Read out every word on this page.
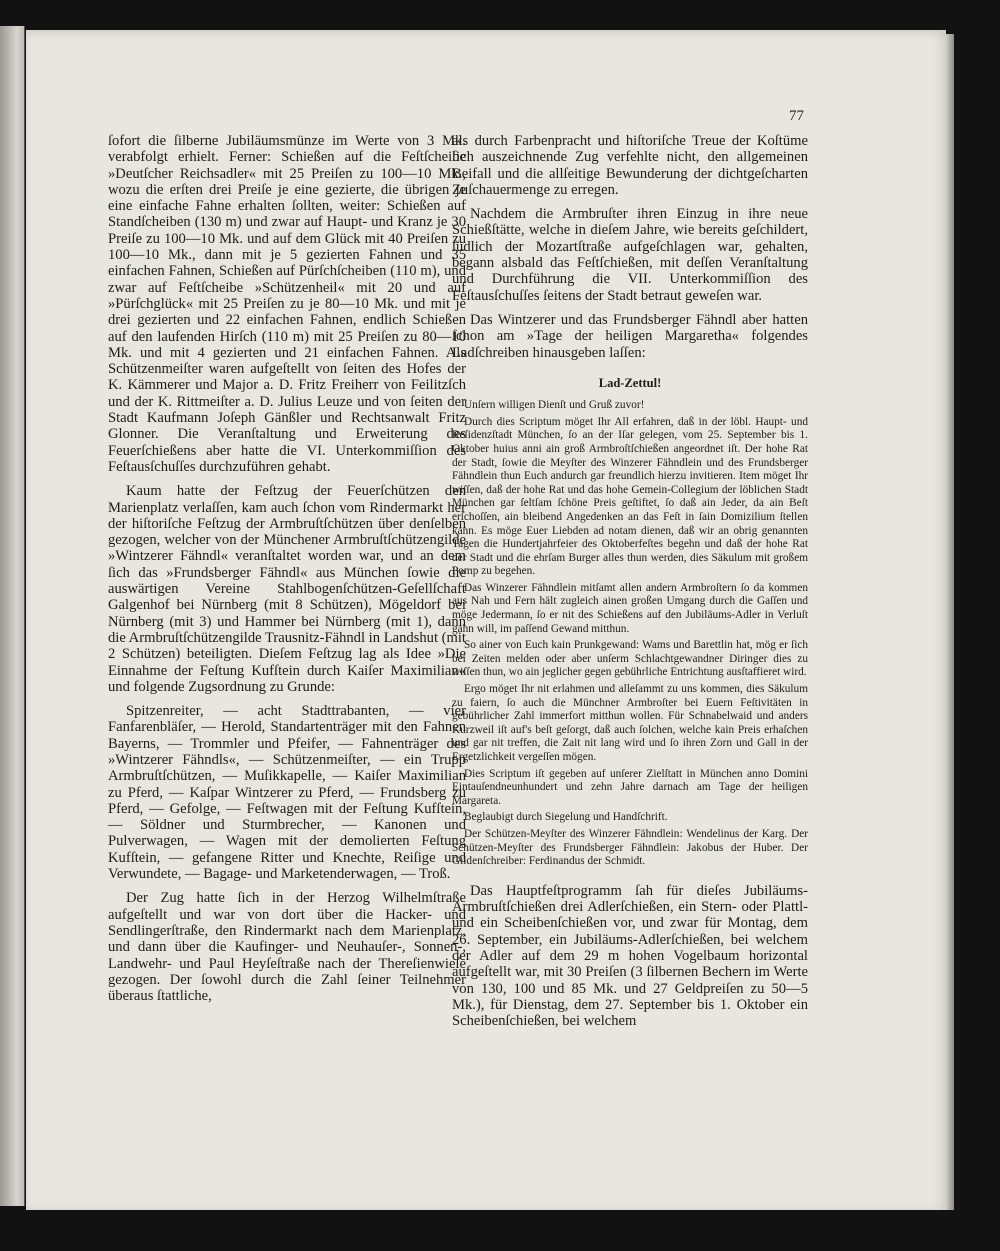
77

ſofort die ſilberne Jubiläumsmünze im Werte von 3 Mk. verabfolgt erhielt. Ferner: Schießen auf die Feſtſcheibe »Deutſcher Reichsadler« mit 25 Preiſen zu 100—10 Mk., wozu die erſten drei Preiſe je eine gezierte, die übrigen je eine einfache Fahne erhalten ſollten, weiter: Schießen auf Standſcheiben (130 m) und zwar auf Haupt- und Kranz je 30 Preiſe zu 100—10 Mk. und auf dem Glück mit 40 Preiſen zu 100—10 Mk., dann mit je 5 gezierten Fahnen und 35 einfachen Fahnen, Schießen auf Pürſchſcheiben (110 m), und zwar auf Feſtſcheibe »Schützenheil« mit 20 und auf »Pürſchglück« mit 25 Preiſen zu je 80—10 Mk. und mit je drei gezierten und 22 einfachen Fahnen, endlich Schießen auf den laufenden Hirſch (110 m) mit 25 Preiſen zu 80—10 Mk. und mit 4 gezierten und 21 einfachen Fahnen. Als Schützenmeiſter waren aufgeſtellt von ſeiten des Hofes der K. Kämmerer und Major a. D. Fritz Freiherr von Feilitzſch und der K. Rittmeiſter a. D. Julius Leuze und von ſeiten der Stadt Kaufmann Joſeph Gänßler und Rechtsanwalt Fritz Glonner. Die Veranſtaltung und Erweiterung des Feuerſchießens aber hatte die VI. Unterkommiſſion des Feſtausſchuſſes durchzuführen gehabt.

Kaum hatte der Feſtzug der Feuerſchützen den Marienplatz verlaſſen, kam auch ſchon vom Rindermarkt her der hiſtoriſche Feſtzug der Armbruſtſchützen über denſelben gezogen, welcher von der Münchener Armbruſtſchützengilde »Wintzerer Fähndl« veranſtaltet worden war, und an dem ſich das »Frundsberger Fähndl« aus München ſowie die auswärtigen Vereine Stahlbogenſchützen-Geſellſchaft Galgenhof bei Nürnberg (mit 8 Schützen), Mögeldorf bei Nürnberg (mit 3) und Hammer bei Nürnberg (mit 1), dann die Armbruſtſchützengilde Trausnitz-Fähndl in Landshut (mit 2 Schützen) beteiligten. Dieſem Feſtzug lag als Idee »Die Einnahme der Feſtung Kufſtein durch Kaiſer Maximilian« und folgende Zugsordnung zu Grunde:

Spitzenreiter, — acht Stadttrabanten, — vier Fanfarenbläſer, — Herold, Standartenträger mit den Fahnen Bayerns, — Trommler und Pfeifer, — Fahnenträger des »Wintzerer Fähndls«, — Schützenmeiſter, — ein Trupp Armbruſtſchützen, — Muſikkapelle, — Kaiſer Maximilian zu Pferd, — Kaſpar Wintzerer zu Pferd, — Frundsberg zu Pferd, — Gefolge, — Feſtwagen mit der Feſtung Kufſtein, — Söldner und Sturmbrecher, — Kanonen und Pulverwagen, — Wagen mit der demolierten Feſtung Kufſtein, — gefangene Ritter und Knechte, Reiſige und Verwundete, — Bagage- und Marketenderwagen, — Troß.

Der Zug hatte ſich in der Herzog Wilhelmſtraße aufgeſtellt und war von dort über die Hacker- und Sendlingerſtraße, den Rindermarkt nach dem Marienplatz, und dann über die Kaufinger- und Neuhauſer-, Sonnen-, Landwehr- und Paul Heyſeſtraße nach der Thereſienwieſe gezogen. Der ſowohl durch die Zahl ſeiner Teilnehmer überaus ſtattliche,

als durch Farbenpracht und hiſtoriſche Treue der Koſtüme ſich auszeichnende Zug verfehlte nicht, den allgemeinen Beifall und die allſeitige Bewunderung der dichtgeſcharten Zuſchauermenge zu erregen.

Nachdem die Armbruſter ihren Einzug in ihre neue Schießſtätte, welche in dieſem Jahre, wie bereits geſchildert, ſüdlich der Mozartſtraße aufgeſchlagen war, gehalten, begann alsbald das Feſtſchießen, mit deſſen Veranſtaltung und Durchführung die VII. Unterkommiſſion des Feſtausſchuſſes ſeitens der Stadt betraut geweſen war.

Das Wintzerer und das Frundsberger Fähndl aber hatten ſchon am »Tage der heiligen Margaretha« folgendes Ladſchreiben hinausgeben laſſen:

Lad-Zettul!

Unſern willigen Dienſt und Gruß zuvor!

Durch dies Scriptum möget Ihr All erfahren, daß in der löbl. Haupt- und Reſidenzſtadt München, ſo an der Iſar gelegen, vom 25. September bis 1. Oktober huius anni ain groß Armbroſtſchießen angeordnet iſt. Der hohe Rat der Stadt, ſowie die Meyſter des Winzerer Fähndlein und des Frundsberger Fähndlein thun Euch andurch gar freundlich hierzu invitieren. Item möget Ihr wiſſen, daß der hohe Rat und das hohe Gemein-Collegium der löblichen Stadt München gar ſeltſam ſchöne Preis geſtiftet, ſo daß ain Jeder, da ain Beſt erſchoſſen, ain bleibend Angedenken an das Feſt in ſain Domizilium ſtellen kann. Es möge Euer Liebden ad notam dienen, daß wir an obrig genannten Tagen die Hundertjahrfeier des Oktoberfeſtes begehn und daß der hohe Rat der Stadt und die ehrſam Burger alles thun werden, dies Säkulum mit großem Pomp zu begehen.

Das Winzerer Fähndlein mitſamt allen andern Armbroſtern ſo da kommen aus Nah und Fern hält zugleich ainen großen Umgang durch die Gaſſen und möge Jedermann, ſo er nit des Schießens auf den Jubiläums-Adler in Verluſt gahn will, im paſſend Gewand mitthun.

So ainer von Euch kain Prunkgewand: Wams und Barettlin hat, mög er ſich bei Zeiten melden oder aber unſerm Schlachtgewandner Diringer dies zu wiſſen thun, wo ain jeglicher gegen gebührliche Entrichtung ausſtaffieret wird.

Ergo möget Ihr nit erlahmen und alleſammt zu uns kommen, dies Säkulum zu faiern, ſo auch die Münchner Armbroſter bei Euern Feſtivitäten in gebührlicher Zahl immerfort mitthun wollen. Für Schnabelwaid und anders Kurzweil iſt auf's beſt geſorgt, daß auch ſolchen, welche kain Preis erhaſchen und gar nit treffen, die Zait nit lang wird und ſo ihren Zorn und Gall in der Ergetzlichkeit vergeſſen mögen.

Dies Scriptum iſt gegeben auf unſerer Zielſtatt in München anno Domini Eintauſendneunhundert und zehn Jahre darnach am Tage der heiligen Margareta.

Beglaubigt durch Siegelung und Handſchrift.

Der Schützen-Meyſter des Winzerer Fähndlein: Wendelinus der Karg. Der Schützen-Meyſter des Frundsberger Fähndlein: Jakobus der Huber. Der Gildenſchreiber: Ferdinandus der Schmidt.

Das Hauptfeſtprogramm ſah für dieſes Jubiläums-Armbruſtſchießen drei Adlerſchießen, ein Stern- oder Plattl- und ein Scheibenſchießen vor, und zwar für Montag, dem 26. September, ein Jubiläums-Adlerſchießen, bei welchem der Adler auf dem 29 m hohen Vogelbaum horizontal aufgeſtellt war, mit 30 Preiſen (3 ſilbernen Bechern im Werte von 130, 100 und 85 Mk. und 27 Geldpreiſen zu 50—5 Mk.), für Dienstag, dem 27. September bis 1. Oktober ein Scheibenſchießen, bei welchem
